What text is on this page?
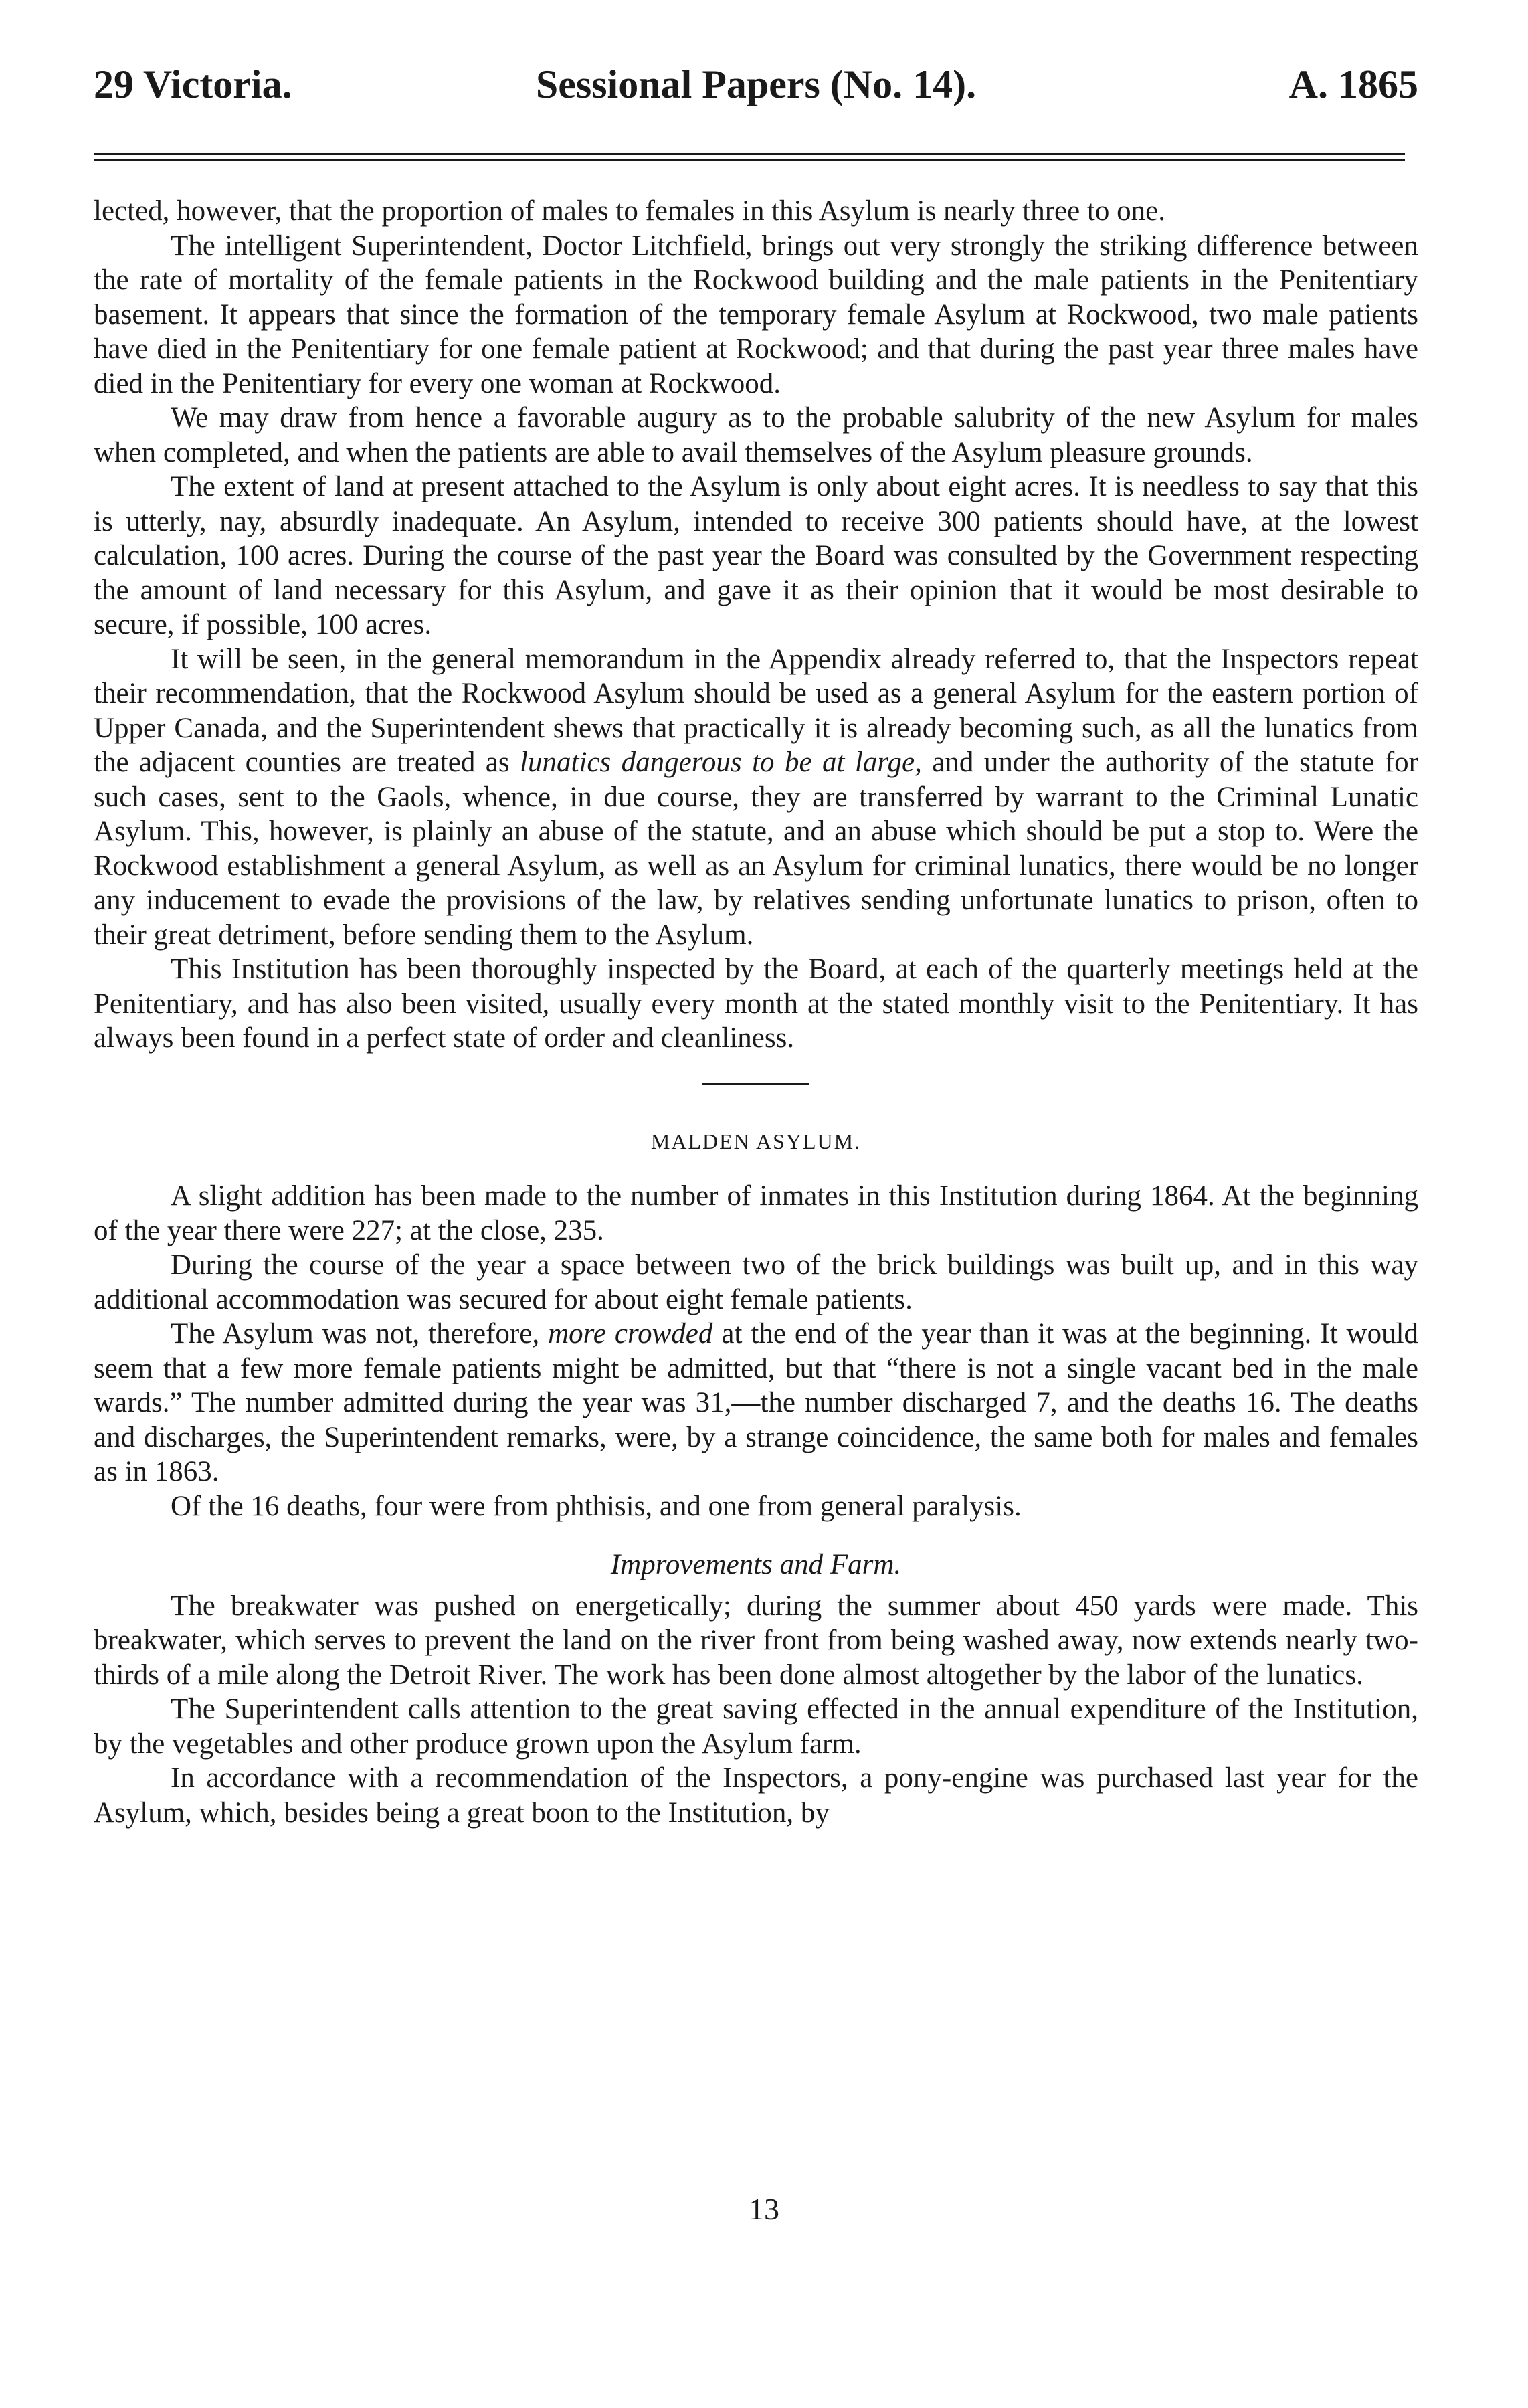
29 Victoria.	Sessional Papers (No. 14).	A. 1865

lected, however, that the proportion of males to females in this Asylum is nearly three to one.

The intelligent Superintendent, Doctor Litchfield, brings out very strongly the striking difference between the rate of mortality of the female patients in the Rockwood building and the male patients in the Penitentiary basement. It appears that since the formation of the temporary female Asylum at Rockwood, two male patients have died in the Penitentiary for one female patient at Rockwood; and that during the past year three males have died in the Penitentiary for every one woman at Rockwood.

We may draw from hence a favorable augury as to the probable salubrity of the new Asylum for males when completed, and when the patients are able to avail themselves of the Asylum pleasure grounds.

The extent of land at present attached to the Asylum is only about eight acres. It is needless to say that this is utterly, nay, absurdly inadequate. An Asylum, intended to receive 300 patients should have, at the lowest calculation, 100 acres. During the course of the past year the Board was consulted by the Government respecting the amount of land necessary for this Asylum, and gave it as their opinion that it would be most desirable to secure, if possible, 100 acres.

It will be seen, in the general memorandum in the Appendix already referred to, that the Inspectors repeat their recommendation, that the Rockwood Asylum should be used as a general Asylum for the eastern portion of Upper Canada, and the Superintendent shews that practically it is already becoming such, as all the lunatics from the adjacent counties are treated as lunatics dangerous to be at large, and under the authority of the statute for such cases, sent to the Gaols, whence, in due course, they are transferred by warrant to the Criminal Lunatic Asylum. This, however, is plainly an abuse of the statute, and an abuse which should be put a stop to. Were the Rockwood establishment a general Asylum, as well as an Asylum for criminal lunatics, there would be no longer any inducement to evade the provisions of the law, by relatives sending unfortunate lunatics to prison, often to their great detriment, before sending them to the Asylum.

This Institution has been thoroughly inspected by the Board, at each of the quarterly meetings held at the Penitentiary, and has also been visited, usually every month at the stated monthly visit to the Penitentiary. It has always been found in a perfect state of order and cleanliness.

MALDEN ASYLUM.

A slight addition has been made to the number of inmates in this Institution during 1864. At the beginning of the year there were 227; at the close, 235.

During the course of the year a space between two of the brick buildings was built up, and in this way additional accommodation was secured for about eight female patients.

The Asylum was not, therefore, more crowded at the end of the year than it was at the beginning. It would seem that a few more female patients might be admitted, but that “there is not a single vacant bed in the male wards.” The number admitted during the year was 31,—the number discharged 7, and the deaths 16. The deaths and discharges, the Superintendent remarks, were, by a strange coincidence, the same both for males and females as in 1863.

Of the 16 deaths, four were from phthisis, and one from general paralysis.

Improvements and Farm.

The breakwater was pushed on energetically; during the summer about 450 yards were made. This breakwater, which serves to prevent the land on the river front from being washed away, now extends nearly two-thirds of a mile along the Detroit River. The work has been done almost altogether by the labor of the lunatics.

The Superintendent calls attention to the great saving effected in the annual expenditure of the Institution, by the vegetables and other produce grown upon the Asylum farm.

In accordance with a recommendation of the Inspectors, a pony-engine was purchased last year for the Asylum, which, besides being a great boon to the Institution, by

13
